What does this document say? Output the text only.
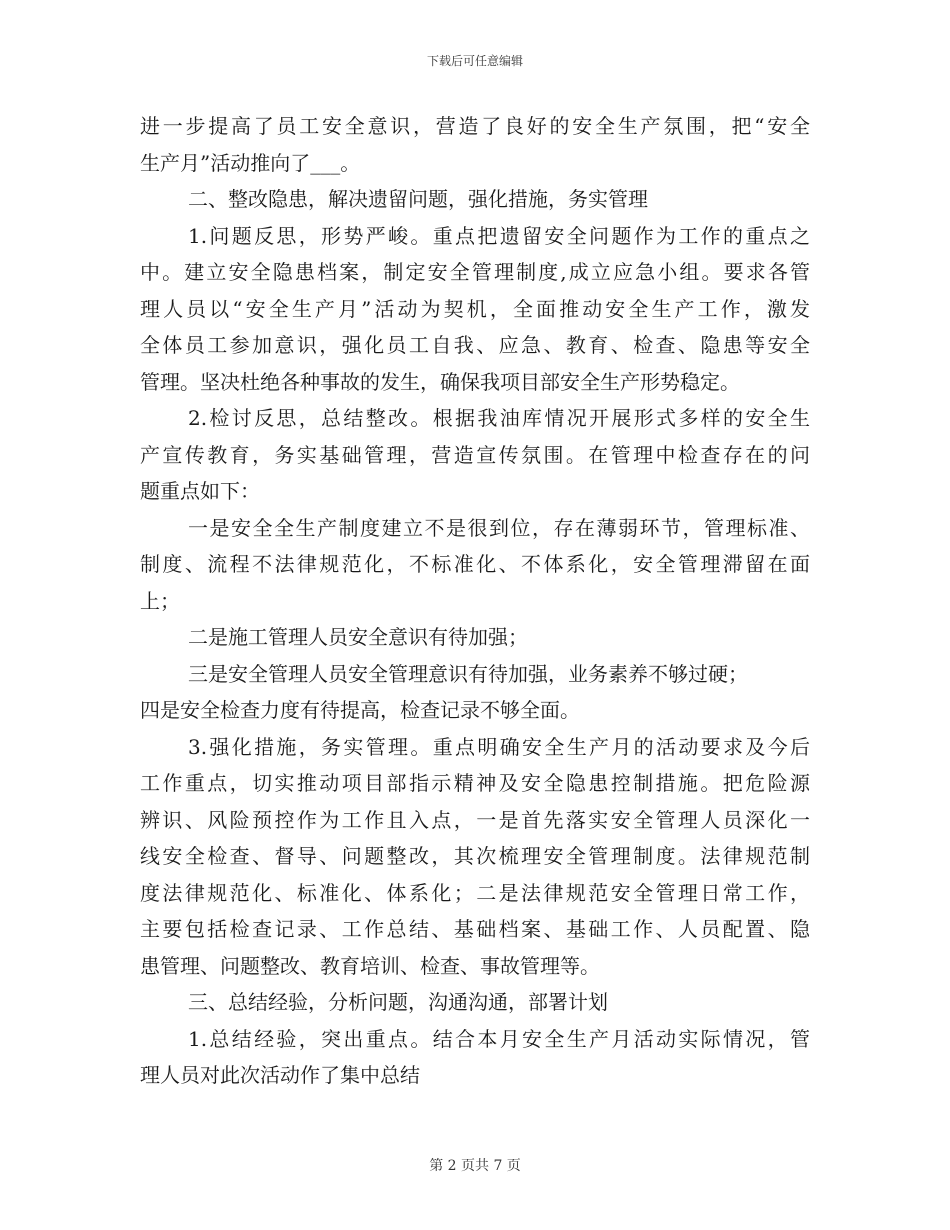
下载后可任意编辑
进一步提高了员工安全意识，营造了良好的安全生产氛围，把“安全
生产月”活动推向了___。
二、整改隐患，解决遗留问题，强化措施，务实管理
1.问题反思，形势严峻。重点把遗留安全问题作为工作的重点之
中。建立安全隐患档案，制定安全管理制度,成立应急小组。要求各管
理人员以“安全生产月”活动为契机，全面推动安全生产工作，激发
全体员工参加意识，强化员工自我、应急、教育、检查、隐患等安全
管理。坚决杜绝各种事故的发生，确保我项目部安全生产形势稳定。
2.检讨反思，总结整改。根据我油库情况开展形式多样的安全生
产宣传教育，务实基础管理，营造宣传氛围。在管理中检查存在的问
题重点如下：
一是安全全生产制度建立不是很到位，存在薄弱环节，管理标准、
制度、流程不法律规范化，不标准化、不体系化，安全管理滞留在面
上；
二是施工管理人员安全意识有待加强；
三是安全管理人员安全管理意识有待加强，业务素养不够过硬；
四是安全检查力度有待提高，检查记录不够全面。
3.强化措施，务实管理。重点明确安全生产月的活动要求及今后
工作重点，切实推动项目部指示精神及安全隐患控制措施。把危险源
辨识、风险预控作为工作且入点，一是首先落实安全管理人员深化一
线安全检查、督导、问题整改，其次梳理安全管理制度。法律规范制
度法律规范化、标准化、体系化；二是法律规范安全管理日常工作，
主要包括检查记录、工作总结、基础档案、基础工作、人员配置、隐
患管理、问题整改、教育培训、检查、事故管理等。
三、总结经验，分析问题，沟通沟通，部署计划
1.总结经验，突出重点。结合本月安全生产月活动实际情况，管
理人员对此次活动作了集中总结
第 2 页共 7 页
